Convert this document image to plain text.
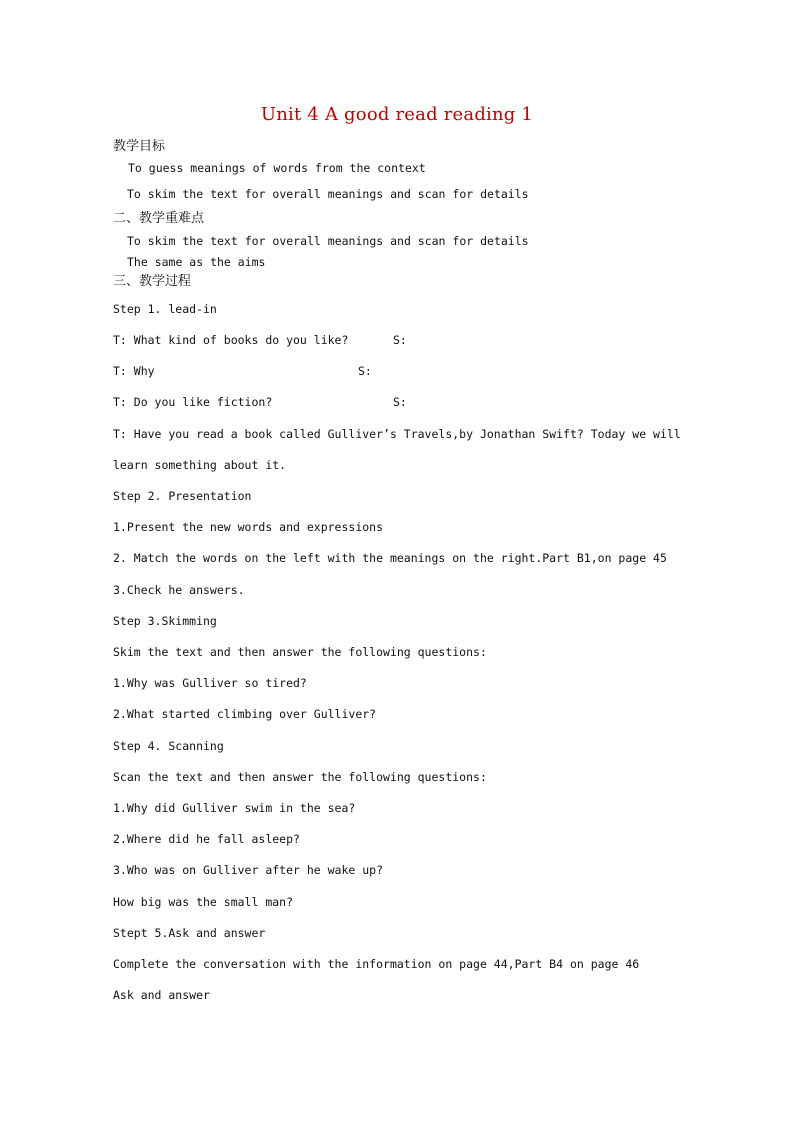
Unit 4 A good read reading 1
教学目标
To guess meanings of words from the context
To skim the text for overall meanings and scan for details
二、教学重难点
To skim the text for overall meanings and scan for details
The same as the aims
三、教学过程
Step 1. lead-in
T: What kind of books do you like?	S:
T: Why	S:
T: Do you like fiction?	S:
T: Have you read a book called Gulliver’s Travels,by Jonathan Swift? Today we will
learn something about it.
Step 2. Presentation
1.Present the new words and expressions
2. Match the words on the left with the meanings on the right.Part B1,on page 45
3.Check he answers.
Step 3.Skimming
Skim the text and then answer the following questions:
1.Why was Gulliver so tired?
2.What started climbing over Gulliver?
Step 4. Scanning
Scan the text and then answer the following questions:
1.Why did Gulliver swim in the sea?
2.Where did he fall asleep?
3.Who was on Gulliver after he wake up?
How big was the small man?
Stept 5.Ask and answer
Complete the conversation with the information on page 44,Part B4 on page 46
Ask and answer
